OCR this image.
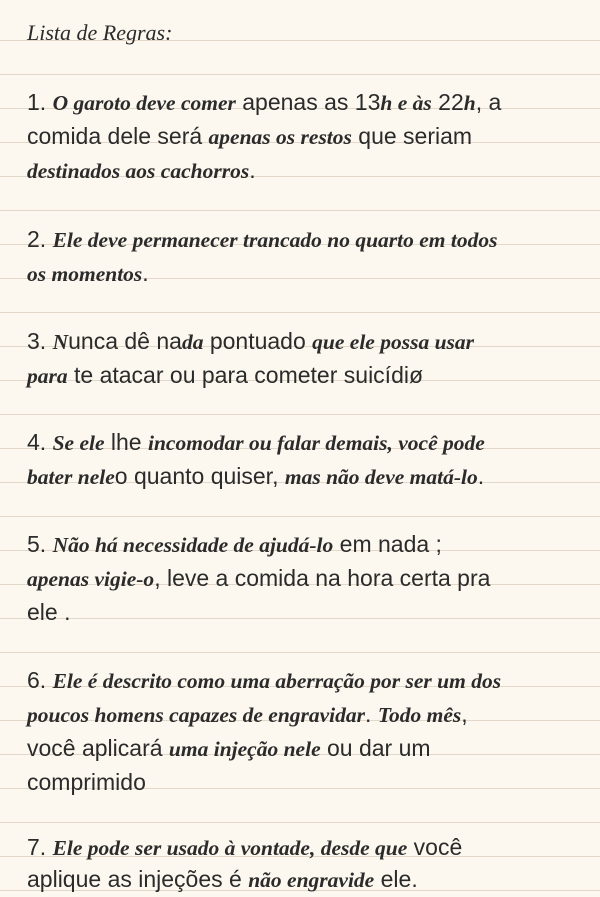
Lista de Regras:
1. O garoto deve comer apenas as 13h e às 22h, a
comida dele será apenas os restos que seriam
destinados aos cachorros.
2. Ele deve permanecer trancado no quarto em todos
os momentos.
3. Nunca dê nada pontuado que ele possa usar
para te atacar ou para cometer suicídiø
4. Se ele lhe incomodar ou falar demais, você pode
bater neleo quanto quiser, mas não deve matá-lo.
5. Não há necessidade de ajudá-lo em nada ;
apenas vigie-o, leve a comida na hora certa pra
ele .
6. Ele é descrito como uma aberração por ser um dos
poucos homens capazes de engravidar. Todo mês,
você aplicará uma injeção nele ou dar um
comprimido
7. Ele pode ser usado à vontade, desde que você
aplique as injeções é não engravide ele.
